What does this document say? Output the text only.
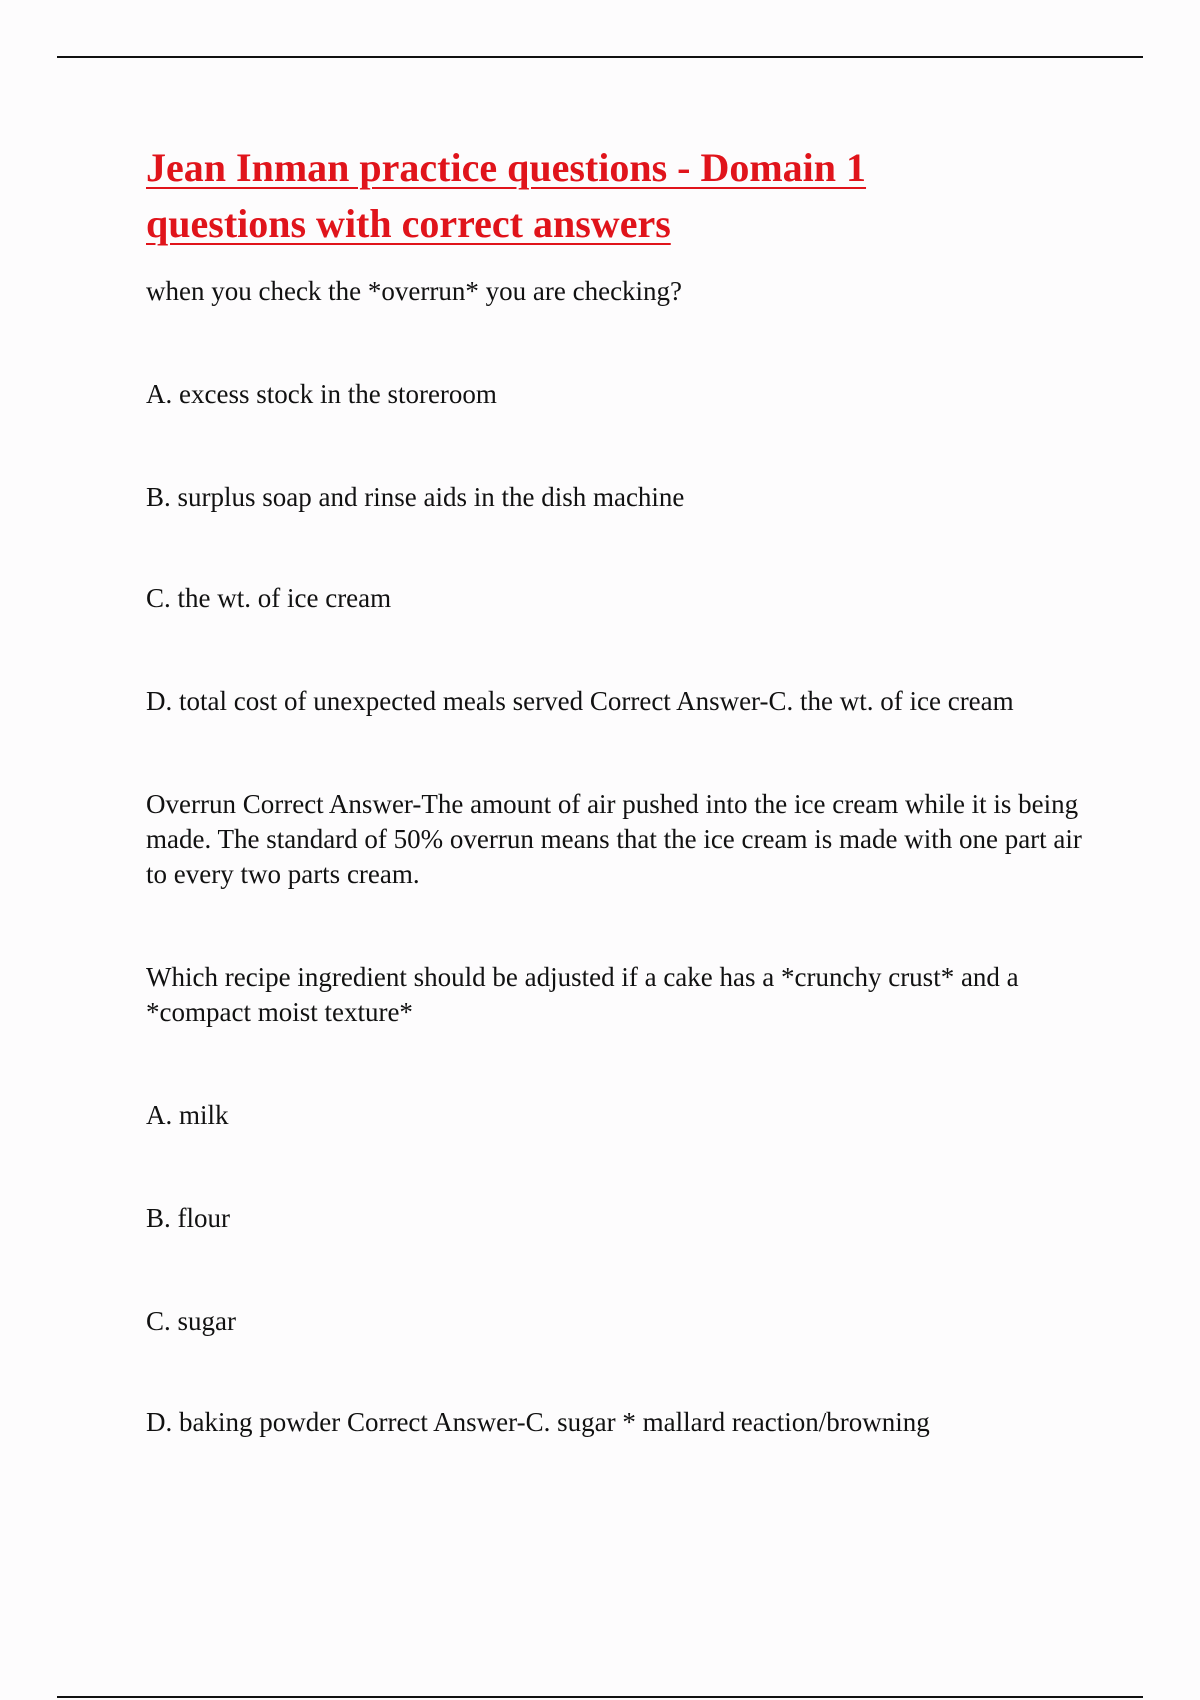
Jean Inman practice questions - Domain 1
questions with correct answers

when you check the *overrun* you are checking?

A. excess stock in the storeroom

B. surplus soap and rinse aids in the dish machine

C. the wt. of ice cream

D. total cost of unexpected meals served Correct Answer-C. the wt. of ice cream

Overrun Correct Answer-The amount of air pushed into the ice cream while it is being made. The standard of 50% overrun means that the ice cream is made with one part air to every two parts cream.

Which recipe ingredient should be adjusted if a cake has a *crunchy crust* and a *compact moist texture*

A. milk

B. flour

C. sugar

D. baking powder Correct Answer-C. sugar * mallard reaction/browning
